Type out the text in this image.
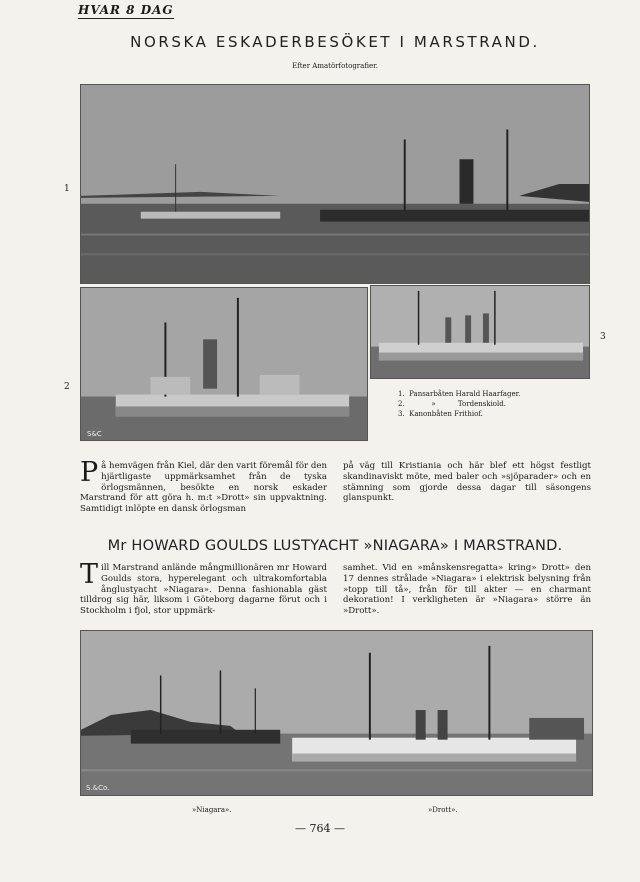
HVAR 8 DAG
NORSKA ESKADERBESÖKET I MARSTRAND.
Efter Amatörfotografier.
1
S&C
2
3
1.  Pansarbåten Harald Haarfager.
2.            »          Tordenskiold.
3.  Kanonbåten Frithiof.
På hemvägen från Kiel, där den varit föremål för den hjärtligaste uppmärksamhet från de tyska örlogsmännen, besökte en norsk eskader Marstrand för att göra h. m:t »Drott» sin uppvaktning. Samtidigt inlöpte en dansk örlogsman
på väg till Kristiania och här blef ett högst festligt skandinaviskt möte, med baler och »sjöparader» och en stämning som gjorde dessa dagar till säsongens glanspunkt.
Mr HOWARD GOULDS LUSTYACHT »NIAGARA» I MARSTRAND.
Till Marstrand anlände mångmillionären mr Howard Goulds stora, hyperelegant och ultrakomfortabla ånglustyacht »Niagara». Denna fashionabla gäst tilldrog sig här, liksom i Göteborg dagarne förut och i Stockholm i fjol, stor uppmärk-
samhet. Vid en »månskensregatta» kring» Drott» den 17 dennes strålade »Niagara» i elektrisk belysning från »topp till tå», från för till akter — en charmant dekoration! I verkligheten är »Niagara» större än »Drott».
S.&Co.
»Niagara».	»Drott».
— 764 —
